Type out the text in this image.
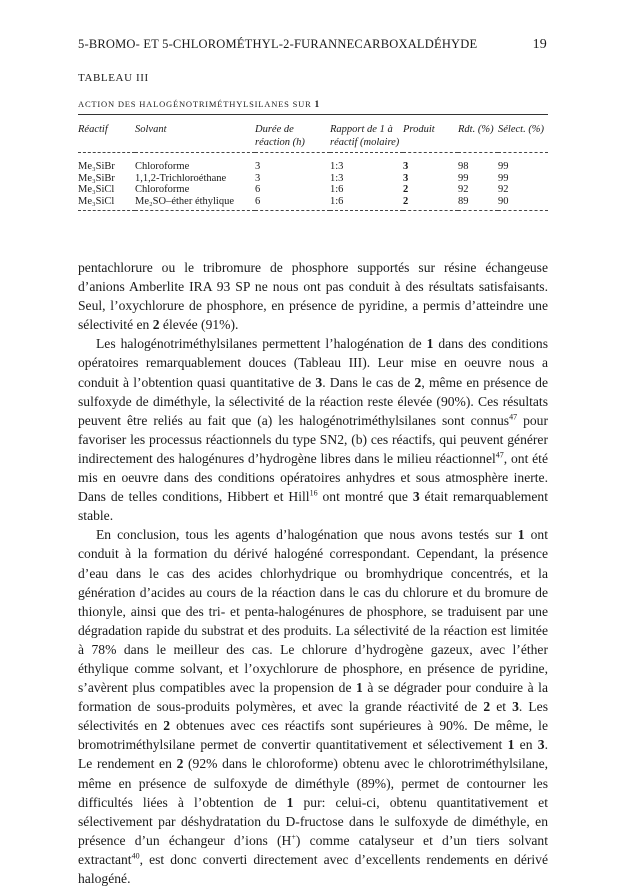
5-BROMO- ET 5-CHLOROMÉTHYL-2-FURANNECARBOXALDÉHYDE	19
TABLEAU III
ACTION DES HALOGÉNOTRIMÉTHYLSILANES SUR 1
Réactif	Solvant	Durée de réaction (h)	Rapport de 1 à réactif (molaire)	Produit	Rdt. (%)	Sélect. (%)
Me₃SiBr	Chloroforme	3	1:3	3	98	99
Me₃SiBr	1,1,2-Trichloroéthane	3	1:3	3	99	99
Me₃SiCl	Chloroforme	6	1:6	2	92	92
Me₃SiCl	Me₂SO–éther éthylique	6	1:6	2	89	90

pentachlorure ou le tribromure de phosphore supportés sur résine échangeuse d’anions Amberlite IRA 93 SP ne nous ont pas conduit à des résultats satisfaisants. Seul, l’oxychlorure de phosphore, en présence de pyridine, a permis d’atteindre une sélectivité en 2 élevée (91%).

Les halogénotriméthylsilanes permettent l’halogénation de 1 dans des conditions opératoires remarquablement douces (Tableau III). Leur mise en oeuvre nous a conduit à l’obtention quasi quantitative de 3. Dans le cas de 2, même en présence de sulfoxyde de diméthyle, la sélectivité de la réaction reste élevée (90%). Ces résultats peuvent être reliés au fait que (a) les halogénotriméthylsilanes sont connus$^{47}$ pour favoriser les processus réactionnels du type SN2, (b) ces réactifs, qui peuvent générer indirectement des halogénures d’hydrogène libres dans le milieu réactionnel$^{47}$, ont été mis en oeuvre dans des conditions opératoires anhydres et sous atmosphère inerte. Dans de telles conditions, Hibbert et Hill$^{16}$ ont montré que 3 était remarquablement stable.

En conclusion, tous les agents d’halogénation que nous avons testés sur 1 ont conduit à la formation du dérivé halogéné correspondant. Cependant, la présence d’eau dans le cas des acides chlorhydrique ou bromhydrique concentrés, et la génération d’acides au cours de la réaction dans le cas du chlorure et du bromure de thionyle, ainsi que des tri- et penta-halogénures de phosphore, se traduisent par une dégradation rapide du substrat et des produits. La sélectivité de la réaction est limitée à 78% dans le meilleur des cas. Le chlorure d’hydrogène gazeux, avec l’éther éthylique comme solvant, et l’oxychlorure de phosphore, en présence de pyridine, s’avèrent plus compatibles avec la propension de 1 à se dégrader pour conduire à la formation de sous-produits polymères, et avec la grande réactivité de 2 et 3. Les sélectivités en 2 obtenues avec ces réactifs sont supérieures à 90%. De même, le bromotriméthylsilane permet de convertir quantitativement et sélectivement 1 en 3. Le rendement en 2 (92% dans le chloroforme) obtenu avec le chlorotriméthylsilane, même en présence de sulfoxyde de diméthyle (89%), permet de contourner les difficultés liées à l’obtention de 1 pur: celui-ci, obtenu quantitativement et sélectivement par déshydratation du D-fructose dans le sulfoxyde de diméthyle, en présence d’un échangeur d’ions (H+) comme catalyseur et d’un tiers solvant extractant$^{40}$, est donc converti directement avec d’excellents rendements en dérivé halogéné.
